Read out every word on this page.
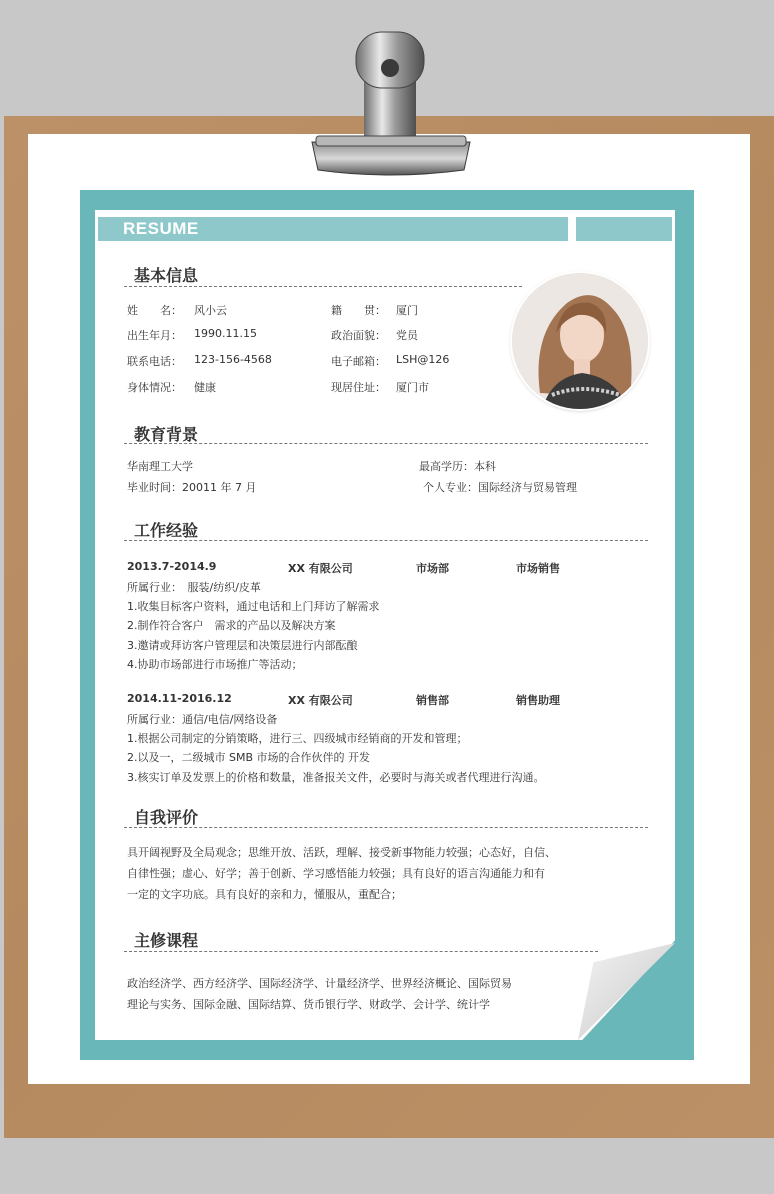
RESUME
基本信息
姓　　名： 风小云	籍　　贯： 厦门
出生年月： 1990.11.15	政治面貌： 党员
联系电话： 123-156-4568	电子邮箱： LSH@126
身体情况： 健康	现居住址： 厦门市
教育背景
华南理工大学	最高学历：本科
毕业时间：20011 年 7 月	个人专业：国际经济与贸易管理
工作经验
2013.7-2014.9	XX 有限公司	市场部	市场销售
所属行业：　服装/纺织/皮革
1.收集目标客户资料，通过电话和上门拜访了解需求
2.制作符合客户　需求的产品以及解决方案
3.邀请或拜访客户管理层和决策层进行内部酝酿
4.协助市场部进行市场推广等活动；
2014.11-2016.12	XX 有限公司	销售部	销售助理
所属行业：通信/电信/网络设备
1.根据公司制定的分销策略，进行三、四级城市经销商的开发和管理；
2.以及一，二级城市 SMB 市场的合作伙伴的 开发
3.核实订单及发票上的价格和数量，准备报关文件，必要时与海关或者代理进行沟通。
自我评价
具开阔视野及全局观念；思维开放、活跃，理解、接受新事物能力较强；心态好，自信、
自律性强；虚心、好学；善于创新、学习感悟能力较强；具有良好的语言沟通能力和有
一定的文字功底。具有良好的亲和力，懂服从，重配合；
主修课程
政治经济学、西方经济学、国际经济学、计量经济学、世界经济概论、国际贸易
理论与实务、国际金融、国际结算、货币银行学、财政学、会计学、统计学
